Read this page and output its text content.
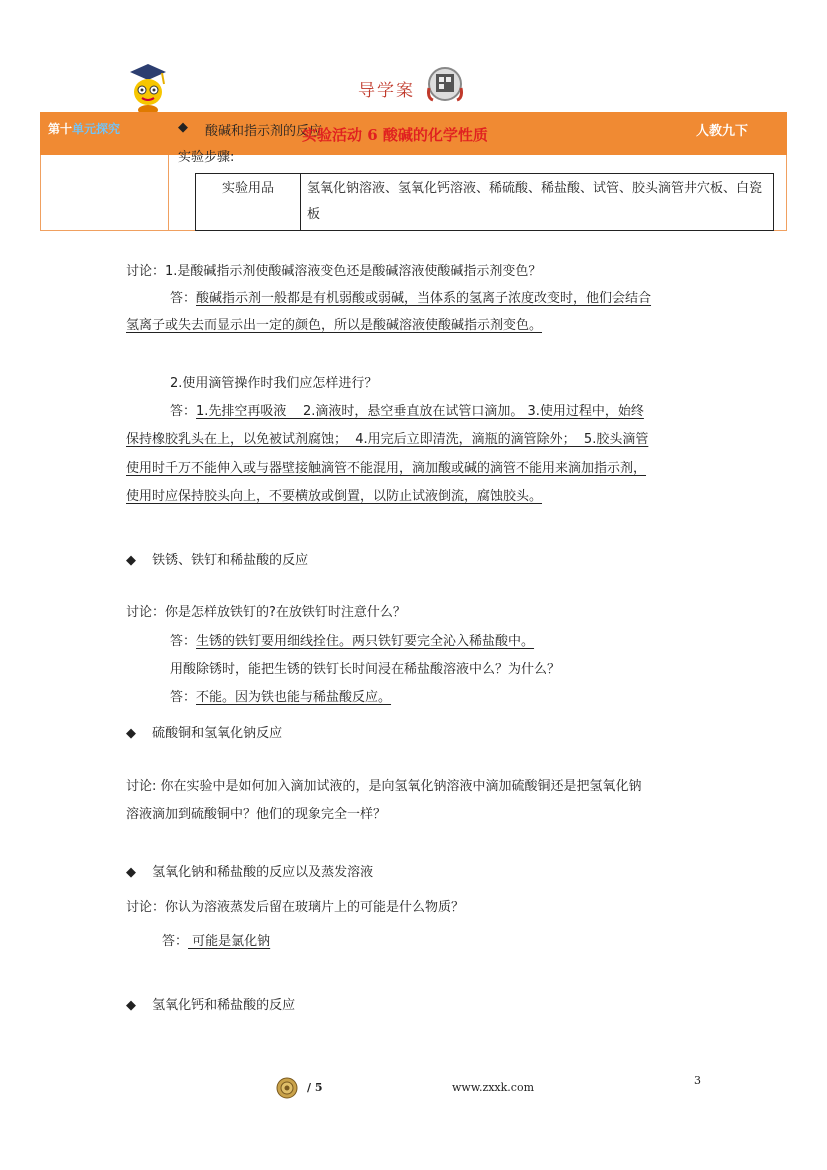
导学案
第十单元探究	人教九下
◆ 酸碱和指示剂的反应
实验活动 6 酸碱的化学性质
实验步骤:
实验用品	氢氧化钠溶液、氢氧化钙溶液、稀硫酸、稀盐酸、试管、胶头滴管井穴板、白瓷板
讨论：1.是酸碱指示剂使酸碱溶液变色还是酸碱溶液使酸碱指示剂变色？
答：酸碱指示剂一般都是有机弱酸或弱碱，当体系的氢离子浓度改变时，他们会结合
氢离子或失去而显示出一定的颜色，所以是酸碱溶液使酸碱指示剂变色。
2.使用滴管操作时我们应怎样进行？
答：1.先排空再吸液    2.滴液时，悬空垂直放在试管口滴加。 3.使用过程中，始终
保持橡胶乳头在上，以免被试剂腐蚀；  4.用完后立即清洗，滴瓶的滴管除外；  5.胶头滴管
使用时千万不能伸入或与器壁接触滴管不能混用，滴加酸或碱的滴管不能用来滴加指示剂，
使用时应保持胶头向上，不要横放或倒置，以防止试液倒流，腐蚀胶头。
◆ 铁锈、铁钉和稀盐酸的反应
讨论：你是怎样放铁钉的?在放铁钉时注意什么？
答：生锈的铁钉要用细线拴住。两只铁钉要完全沁入稀盐酸中。
用酸除锈时，能把生锈的铁钉长时间浸在稀盐酸溶液中么？为什么？
答：不能。因为铁也能与稀盐酸反应。
◆ 硫酸铜和氢氧化钠反应
讨论: 你在实验中是如何加入滴加试液的，是向氢氧化钠溶液中滴加硫酸铜还是把氢氧化钠
溶液滴加到硫酸铜中？他们的现象完全一样？
◆ 氢氧化钠和稀盐酸的反应以及蒸发溶液
讨论：你认为溶液蒸发后留在玻璃片上的可能是什么物质？
答： 可能是氯化钠
◆ 氢氧化钙和稀盐酸的反应
/ 5	www.zxxk.com
3
